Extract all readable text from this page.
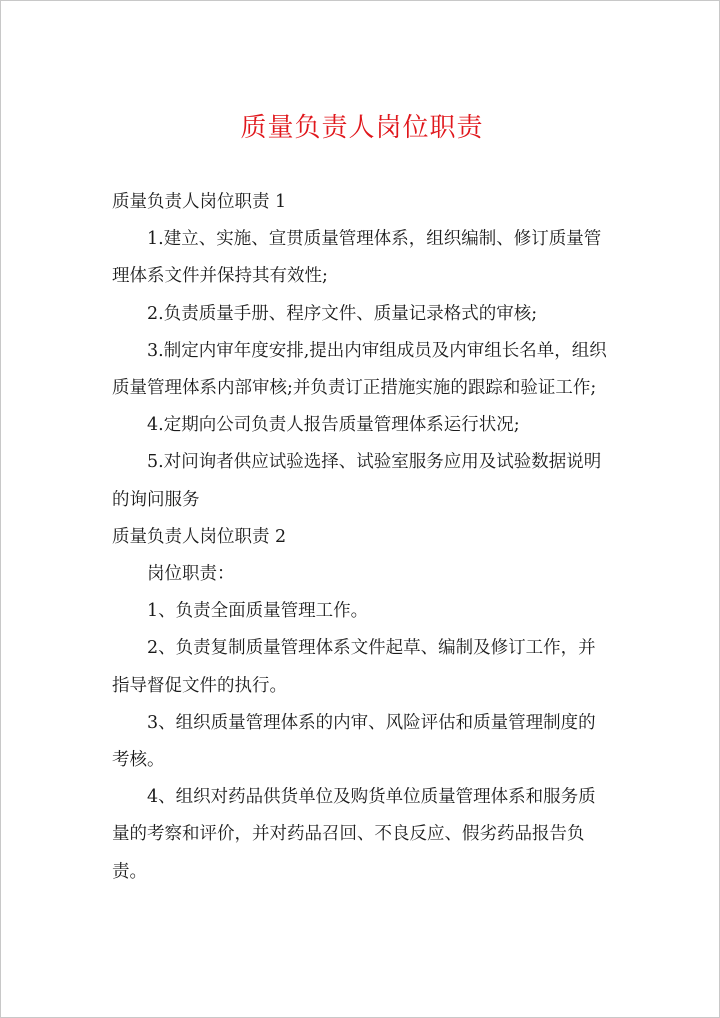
质量负责人岗位职责

质量负责人岗位职责 1

1.建立、实施、宣贯质量管理体系，组织编制、修订质量管理体系文件并保持其有效性;

2.负责质量手册、程序文件、质量记录格式的审核;

3.制定内审年度安排,提出内审组成员及内审组长名单，组织质量管理体系内部审核;并负责订正措施实施的跟踪和验证工作;

4.定期向公司负责人报告质量管理体系运行状况;

5.对问询者供应试验选择、试验室服务应用及试验数据说明的询问服务

质量负责人岗位职责 2

岗位职责：

1、负责全面质量管理工作。

2、负责复制质量管理体系文件起草、编制及修订工作，并指导督促文件的执行。

3、组织质量管理体系的内审、风险评估和质量管理制度的考核。

4、组织对药品供货单位及购货单位质量管理体系和服务质量的考察和评价，并对药品召回、不良反应、假劣药品报告负责。
